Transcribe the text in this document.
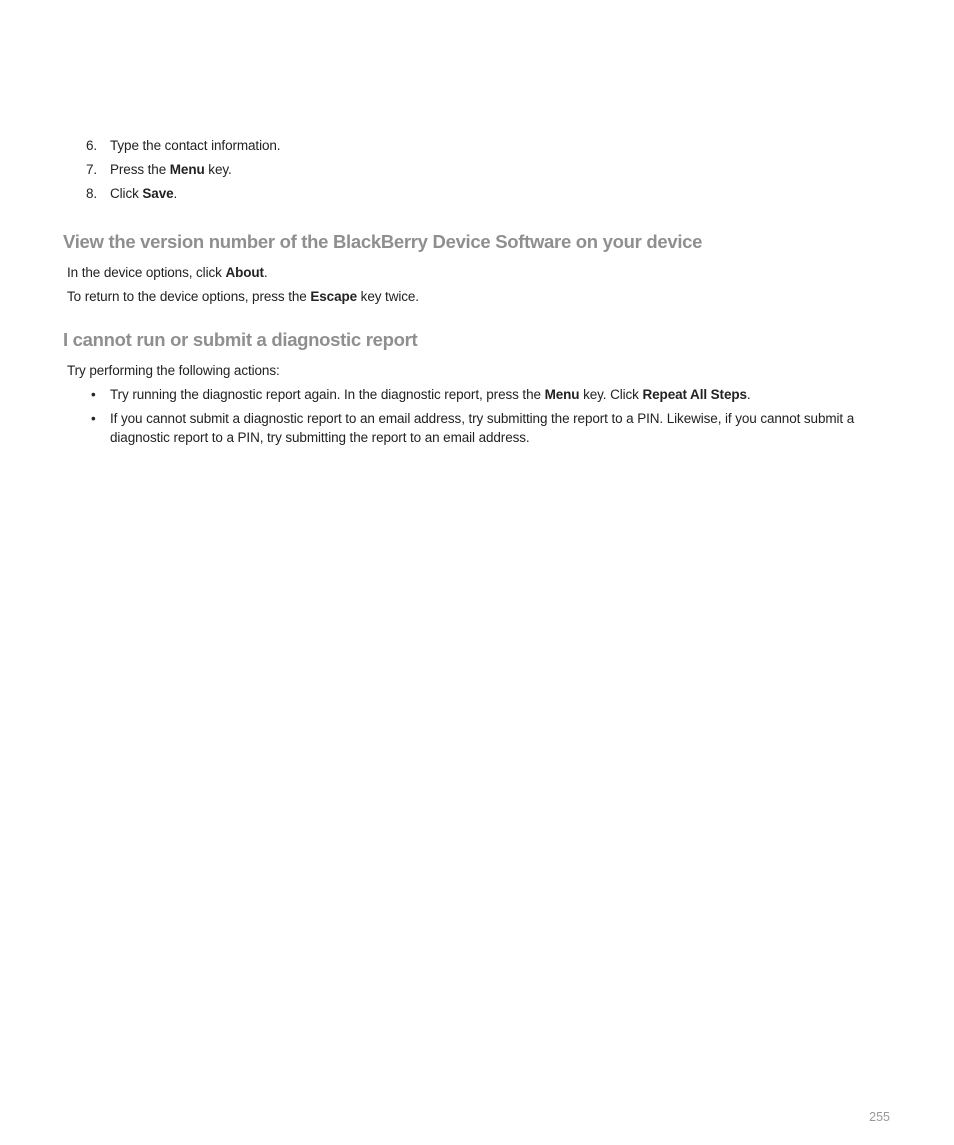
6. Type the contact information.
7. Press the Menu key.
8. Click Save.
View the version number of the BlackBerry Device Software on your device

In the device options, click About.

To return to the device options, press the Escape key twice.

I cannot run or submit a diagnostic report

Try performing the following actions:

• Try running the diagnostic report again. In the diagnostic report, press the Menu key. Click Repeat All Steps.
• If you cannot submit a diagnostic report to an email address, try submitting the report to a PIN. Likewise, if you cannot submit a diagnostic report to a PIN, try submitting the report to an email address.
255
